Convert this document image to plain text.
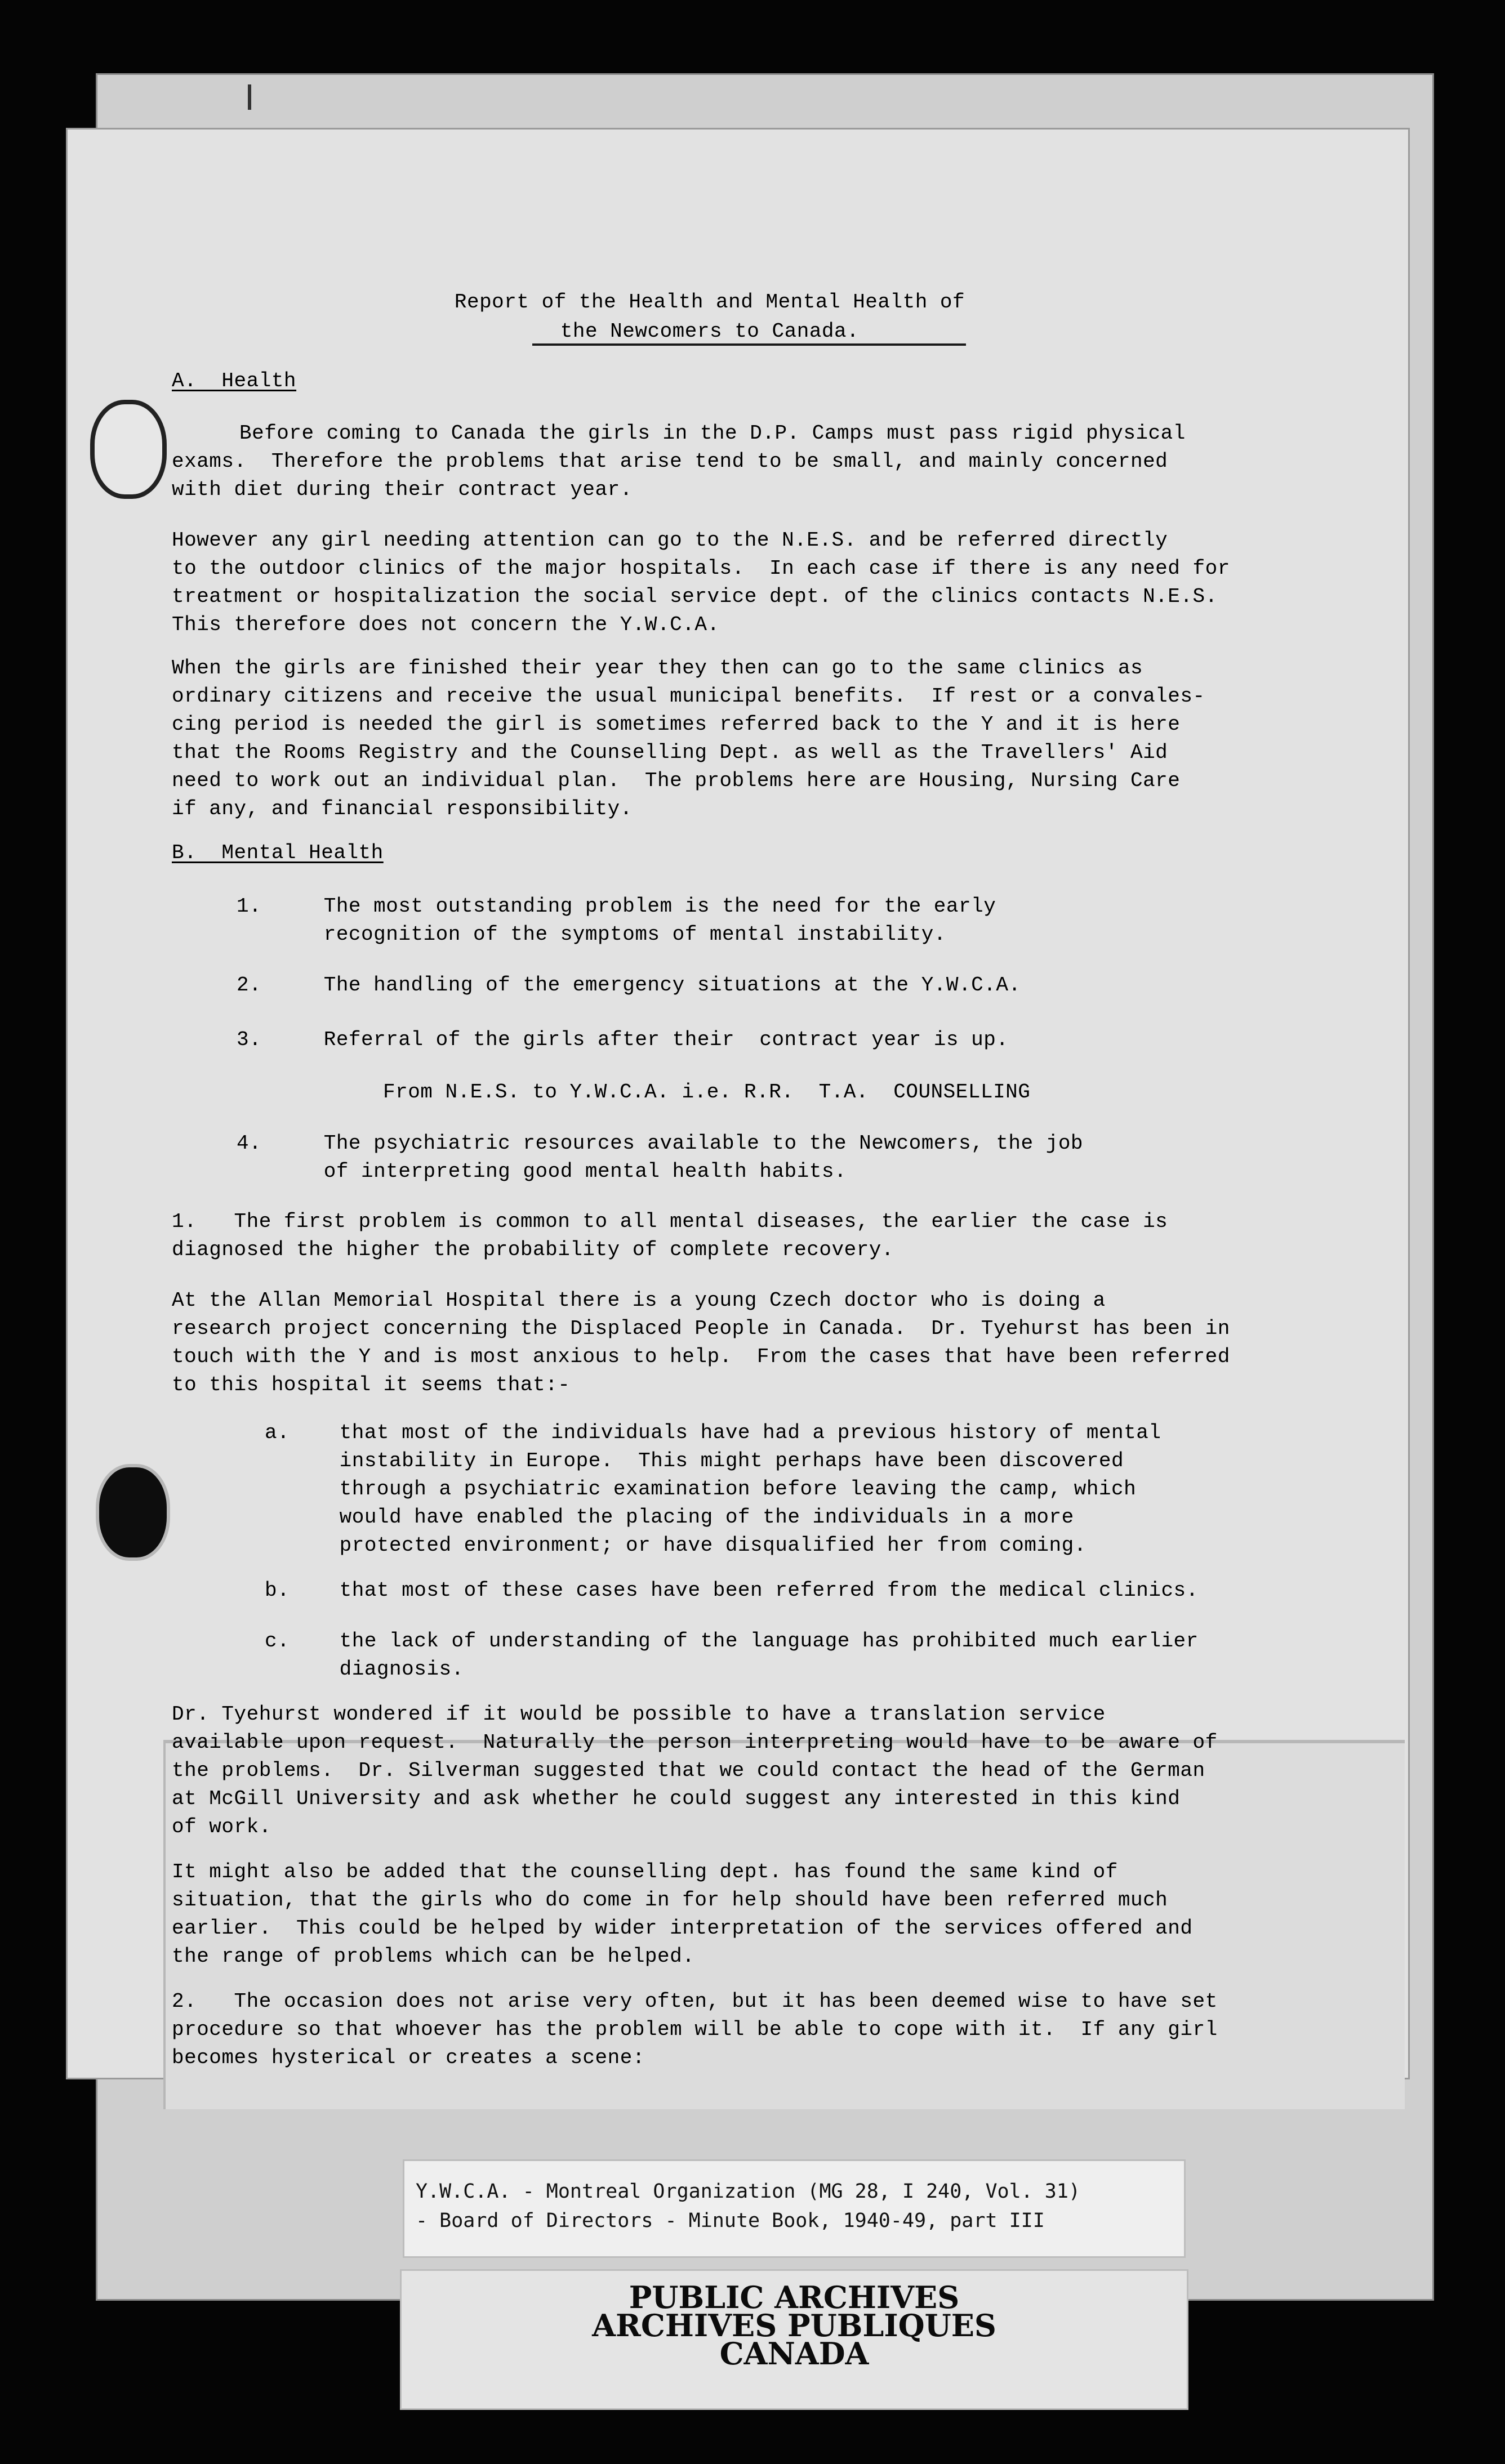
Report of the Health and Mental Health of
the Newcomers to Canada.
A.  Health
Before coming to Canada the girls in the D.P. Camps must pass rigid physical
exams.  Therefore the problems that arise tend to be small, and mainly concerned
with diet during their contract year.
However any girl needing attention can go to the N.E.S. and be referred directly
to the outdoor clinics of the major hospitals.  In each case if there is any need for
treatment or hospitalization the social service dept. of the clinics contacts N.E.S.
This therefore does not concern the Y.W.C.A.
When the girls are finished their year they then can go to the same clinics as
ordinary citizens and receive the usual municipal benefits.  If rest or a convales-
cing period is needed the girl is sometimes referred back to the Y and it is here
that the Rooms Registry and the Counselling Dept. as well as the Travellers' Aid
need to work out an individual plan.  The problems here are Housing, Nursing Care
if any, and financial responsibility.
B.  Mental Health
1.     The most outstanding problem is the need for the early
recognition of the symptoms of mental instability.
2.     The handling of the emergency situations at the Y.W.C.A.
3.     Referral of the girls after their  contract year is up.
From N.E.S. to Y.W.C.A. i.e. R.R.  T.A.  COUNSELLING
4.     The psychiatric resources available to the Newcomers, the job
of interpreting good mental health habits.
1.   The first problem is common to all mental diseases, the earlier the case is
diagnosed the higher the probability of complete recovery.
At the Allan Memorial Hospital there is a young Czech doctor who is doing a
research project concerning the Displaced People in Canada.  Dr. Tyehurst has been in
touch with the Y and is most anxious to help.  From the cases that have been referred
to this hospital it seems that:-
a.    that most of the individuals have had a previous history of mental
instability in Europe.  This might perhaps have been discovered
through a psychiatric examination before leaving the camp, which
would have enabled the placing of the individuals in a more
protected environment; or have disqualified her from coming.
b.    that most of these cases have been referred from the medical clinics.
c.    the lack of understanding of the language has prohibited much earlier
diagnosis.
Dr. Tyehurst wondered if it would be possible to have a translation service
available upon request.  Naturally the person interpreting would have to be aware of
the problems.  Dr. Silverman suggested that we could contact the head of the German
at McGill University and ask whether he could suggest any interested in this kind
of work.
It might also be added that the counselling dept. has found the same kind of
situation, that the girls who do come in for help should have been referred much
earlier.  This could be helped by wider interpretation of the services offered and
the range of problems which can be helped.
2.   The occasion does not arise very often, but it has been deemed wise to have set
procedure so that whoever has the problem will be able to cope with it.  If any girl
becomes hysterical or creates a scene:
Y.W.C.A. - Montreal Organization (MG 28, I 240, Vol. 31)
- Board of Directors - Minute Book, 1940-49, part III
PUBLIC ARCHIVES
ARCHIVES PUBLIQUES
CANADA
